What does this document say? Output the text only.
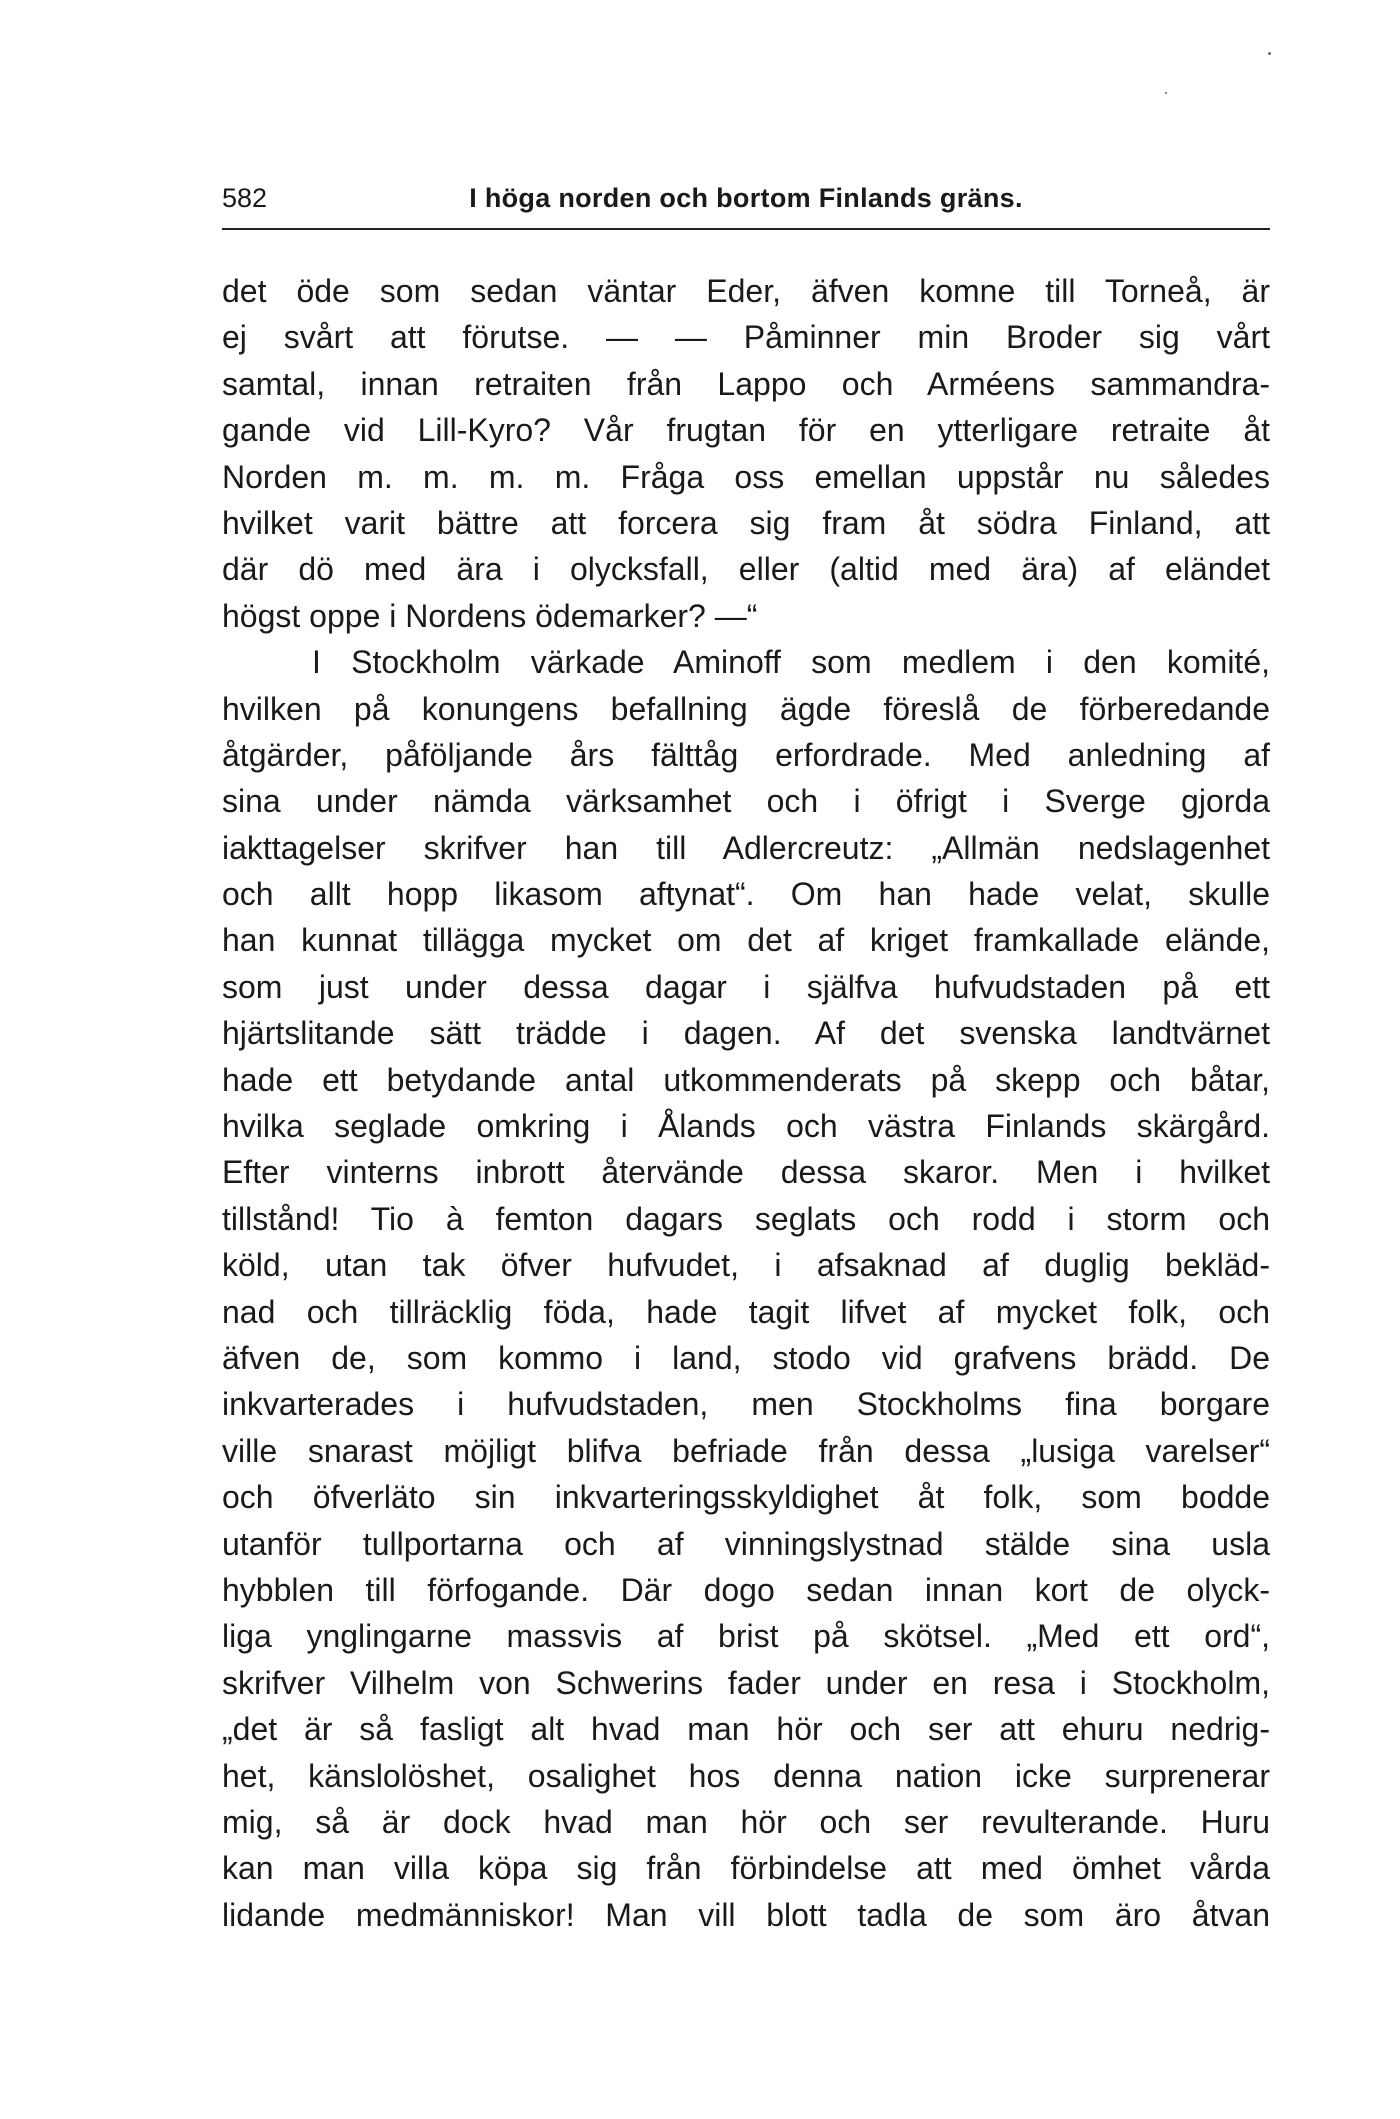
582	I höga norden och bortom Finlands gräns.
det öde som sedan väntar Eder, äfven komne till Torneå, är
ej svårt att förutse. — — Påminner min Broder sig vårt
samtal, innan retraiten från Lappo och Arméens sammandra-
gande vid Lill-Kyro? Vår frugtan för en ytterligare retraite åt
Norden m. m. m. m. Fråga oss emellan uppstår nu således
hvilket varit bättre att forcera sig fram åt södra Finland, att
där dö med ära i olycksfall, eller (altid med ära) af eländet
högst oppe i Nordens ödemarker? —“
I Stockholm värkade Aminoff som medlem i den komité,
hvilken på konungens befallning ägde föreslå de förberedande
åtgärder, påföljande års fälttåg erfordrade. Med anledning af
sina under nämda värksamhet och i öfrigt i Sverge gjorda
iakttagelser skrifver han till Adlercreutz: „Allmän nedslagenhet
och allt hopp likasom aftynat“. Om han hade velat, skulle
han kunnat tillägga mycket om det af kriget framkallade elände,
som just under dessa dagar i själfva hufvudstaden på ett
hjärtslitande sätt trädde i dagen. Af det svenska landtvärnet
hade ett betydande antal utkommenderats på skepp och båtar,
hvilka seglade omkring i Ålands och västra Finlands skärgård.
Efter vinterns inbrott återvände dessa skaror. Men i hvilket
tillstånd! Tio à femton dagars seglats och rodd i storm och
köld, utan tak öfver hufvudet, i afsaknad af duglig bekläd-
nad och tillräcklig föda, hade tagit lifvet af mycket folk, och
äfven de, som kommo i land, stodo vid grafvens brädd. De
inkvarterades i hufvudstaden, men Stockholms fina borgare
ville snarast möjligt blifva befriade från dessa „lusiga varelser“
och öfverläto sin inkvarteringsskyldighet åt folk, som bodde
utanför tullportarna och af vinningslystnad stälde sina usla
hybblen till förfogande. Där dogo sedan innan kort de olyck-
liga ynglingarne massvis af brist på skötsel. „Med ett ord“,
skrifver Vilhelm von Schwerins fader under en resa i Stockholm,
„det är så fasligt alt hvad man hör och ser att ehuru nedrig-
het, känslolöshet, osalighet hos denna nation icke surprenerar
mig, så är dock hvad man hör och ser revulterande. Huru
kan man villa köpa sig från förbindelse att med ömhet vårda
lidande medmänniskor! Man vill blott tadla de som äro åtvan
